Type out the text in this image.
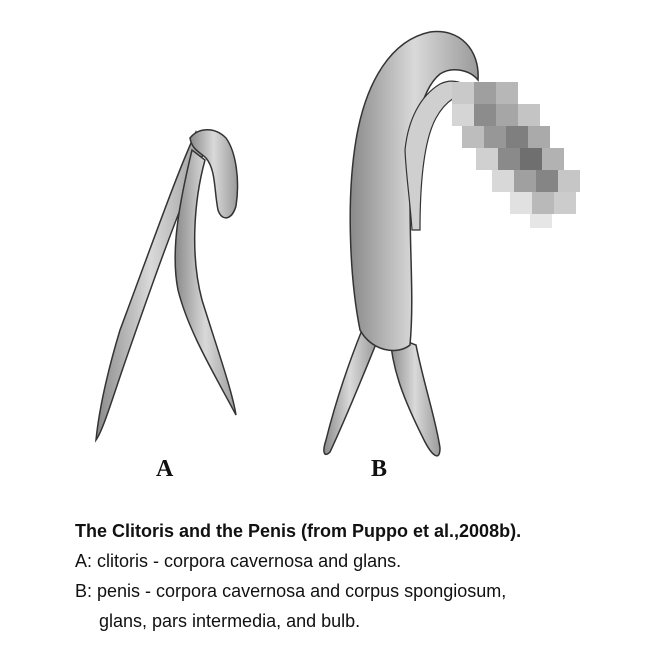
A	B
The Clitoris and the Penis (from Puppo et al.,2008b).
A: clitoris - corpora cavernosa and glans.
B: penis - corpora cavernosa and corpus spongiosum,
glans, pars intermedia, and bulb.
